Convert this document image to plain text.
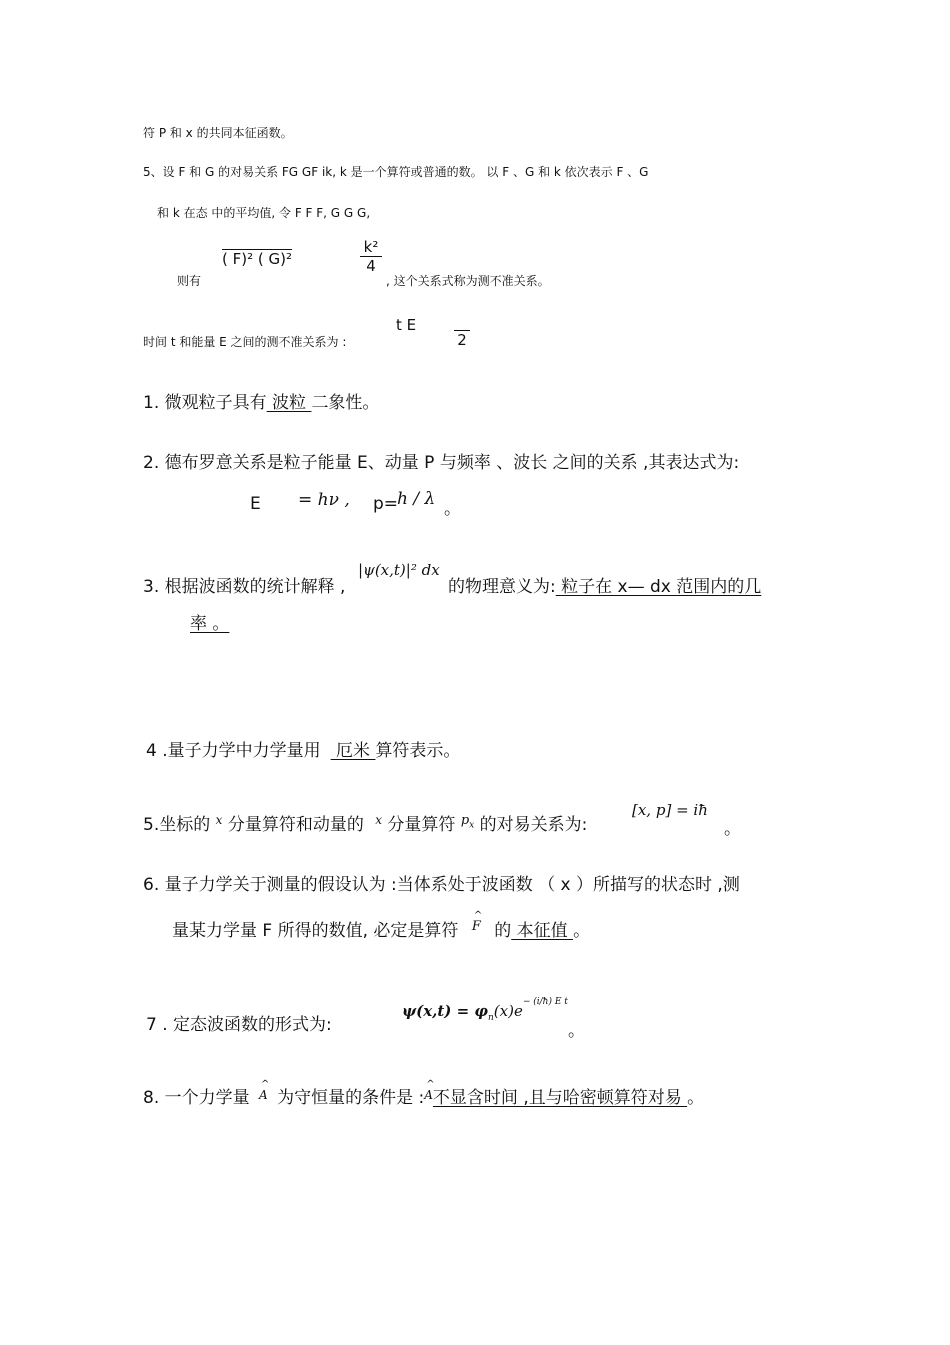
符 P 和 x 的共同本征函数。
5、设 F 和 G 的对易关系 FG GF ik, k 是一个算符或普通的数。 以 F 、G 和 k 依次表示 F 、G
和 k 在态 中的平均值, 令 F F F, G G G,
则有
( F)² ( G)²	$\frac{\text{k²}}{4}$
, 这个关系式称为测不准关系。
时间 t 和能量 E 之间的测不准关系为 :
t E
2
1. 微观粒子具有 波粒 二象性。
2. 德布罗意关系是粒子能量 E、动量 P 与频率 、波长 之间的关系 ,其表达式为:
E = hν , p=
h / λ 。
3. 根据波函数的统计解释 ,
|ψ(x,t)|² dx
的物理意义为: 粒子在 x— dx 范围内的几
率 。
4 .量子力学中力学量用 厄米 算符表示。
5.坐标的 $^x$ 分量算符和动量的 $^x$ 分量算符 $^{p_x}$ 的对易关系为:
[x, p] = iħ
。
6. 量子力学关于测量的假设认为 :当体系处于波函数 （ x ）所描写的状态时 ,测
量某力学量 F 所得的数值, 必定是算符 F ^ 的 本征值 。
7 . 定态波函数的形式为:
$\psi(x,t) = \varphi_n(x)e^{- (i/ħ) E t}$
。
8. 一个力学量 A ^ 为守恒量的条件是 :A ^不显含时间 ,且与哈密顿算符对易 。
